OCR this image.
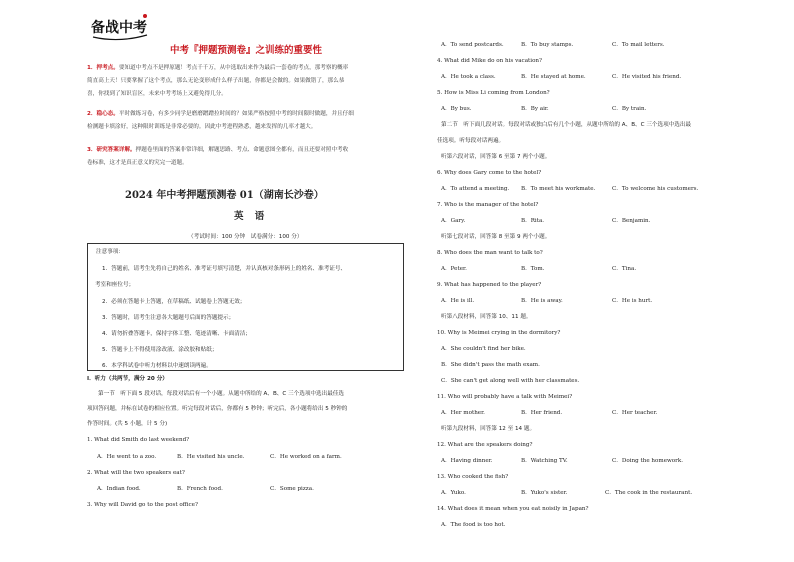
备战中考
中考『押题预测卷』之训练的重要性
1．押考点。要知道中考点不是押原题！考点千千万，从中选取出来作为最后一套卷的考点，那考察的概率
简直高上天！只要掌握了这个考点，那么无论变形成什么样子出题，你都是会做的。如果做错了，那么恭
喜，你找到了知识盲区，未来中考考场上又避免得几分。
2．稳心态。平时做练习卷，有多少同学是磨磨蹭蹭拉时间的？如果严格按照中考的时间限时做题，并且仔细
检测题卡填涂好，这种限时训练是非常必要的。因此中考进程熟悉，越来发挥的几率才越大。
3．研究答案详解。押题卷里面的答案非常详细，解题思路、考点、命题意图全都有，而且还要对照中考收
卷标准，这才是真正意义的究完一道题。
2024 年中考押题预测卷 01（湖南长沙卷）
英 语
（考试时间：100 分钟　试卷满分：100 分）
注意事项：
1．答题前，请考生先将自己的姓名、准考证号填写清楚，并认真核对条形码上的姓名、准考证号、
考室和座位号；
2．必须在答题卡上答题，在草稿纸、试题卷上答题无效；
3．答题时，请考生注意各大题题号后面的答题提示；
4．请勿折叠答题卡，保持字体工整、笔迹清晰、卡面清洁；
5．答题卡上不得使用涂改液、涂改胶和贴纸；
6．本学科试卷中听力材料以中速朗读两遍。
Ⅰ．听力（共两节，满分 20 分）
第一节　听下面 5 段对话，每段对话后有一个小题。从题中所给的 A、B、C 三个选项中选出最佳选
项回答问题，并标在试卷的相应位置。听完每段对话后，你都有 5 秒钟；听完后，各小题将给出 5 秒钟的
作答时间。(共 5 小题，计 5 分)
1. What did Smith do last weekend?
A．He went to a zoo.	B．He visited his uncle.	C．He worked on a farm.
2. What will the two speakers eat?
A．Indian food.	B．French food.	C．Some pizza.
3. Why will David go to the post office?
A．To send postcards.	B．To buy stamps.	C．To mail letters.
4. What did Mike do on his vacation?
A．He took a class.	B．He stayed at home.	C．He visited his friend.
5. How is Miss Li coming from London?
A．By bus.	B．By air.	C．By train.
第二节　听下面几段对话。每段对话或独白后有几个小题，从题中所给的 A、B、C 三个选项中选出最
佳选项。听每段对话两遍。
听第六段对话，回答第 6 至第 7 两个小题。
6. Why does Gary come to the hotel?
A．To attend a meeting. B．To meet his workmate.	C．To welcome his customers.
7. Who is the manager of the hotel?
A．Gary.	B．Rita.	C．Benjamin.
听第七段对话，回答第 8 至第 9 两个小题。
8. Who does the man want to talk to?
A．Peter.	B．Tom.	C．Tina.
9. What has happened to the player?
A．He is ill.	B．He is away.	C．He is hurt.
听第八段材料，回答第 10、11 题。
10. Why is Meimei crying in the dormitory?
A．She couldn't find her bike.
B．She didn't pass the math exam.
C．She can't get along well with her classmates.
11. Who will probably have a talk with Meimei?
A．Her mother.	B．Her friend.	C．Her teacher.
听第九段材料，回答第 12 至 14 题。
12. What are the speakers doing?
A．Having dinner.	B．Watching TV.	C．Doing the homework.
13. Who cooked the fish?
A．Yuko.	B．Yuko's sister.	C．The cook in the restaurant.
14. What does it mean when you eat noisily in Japan?
A．The food is too hot.
